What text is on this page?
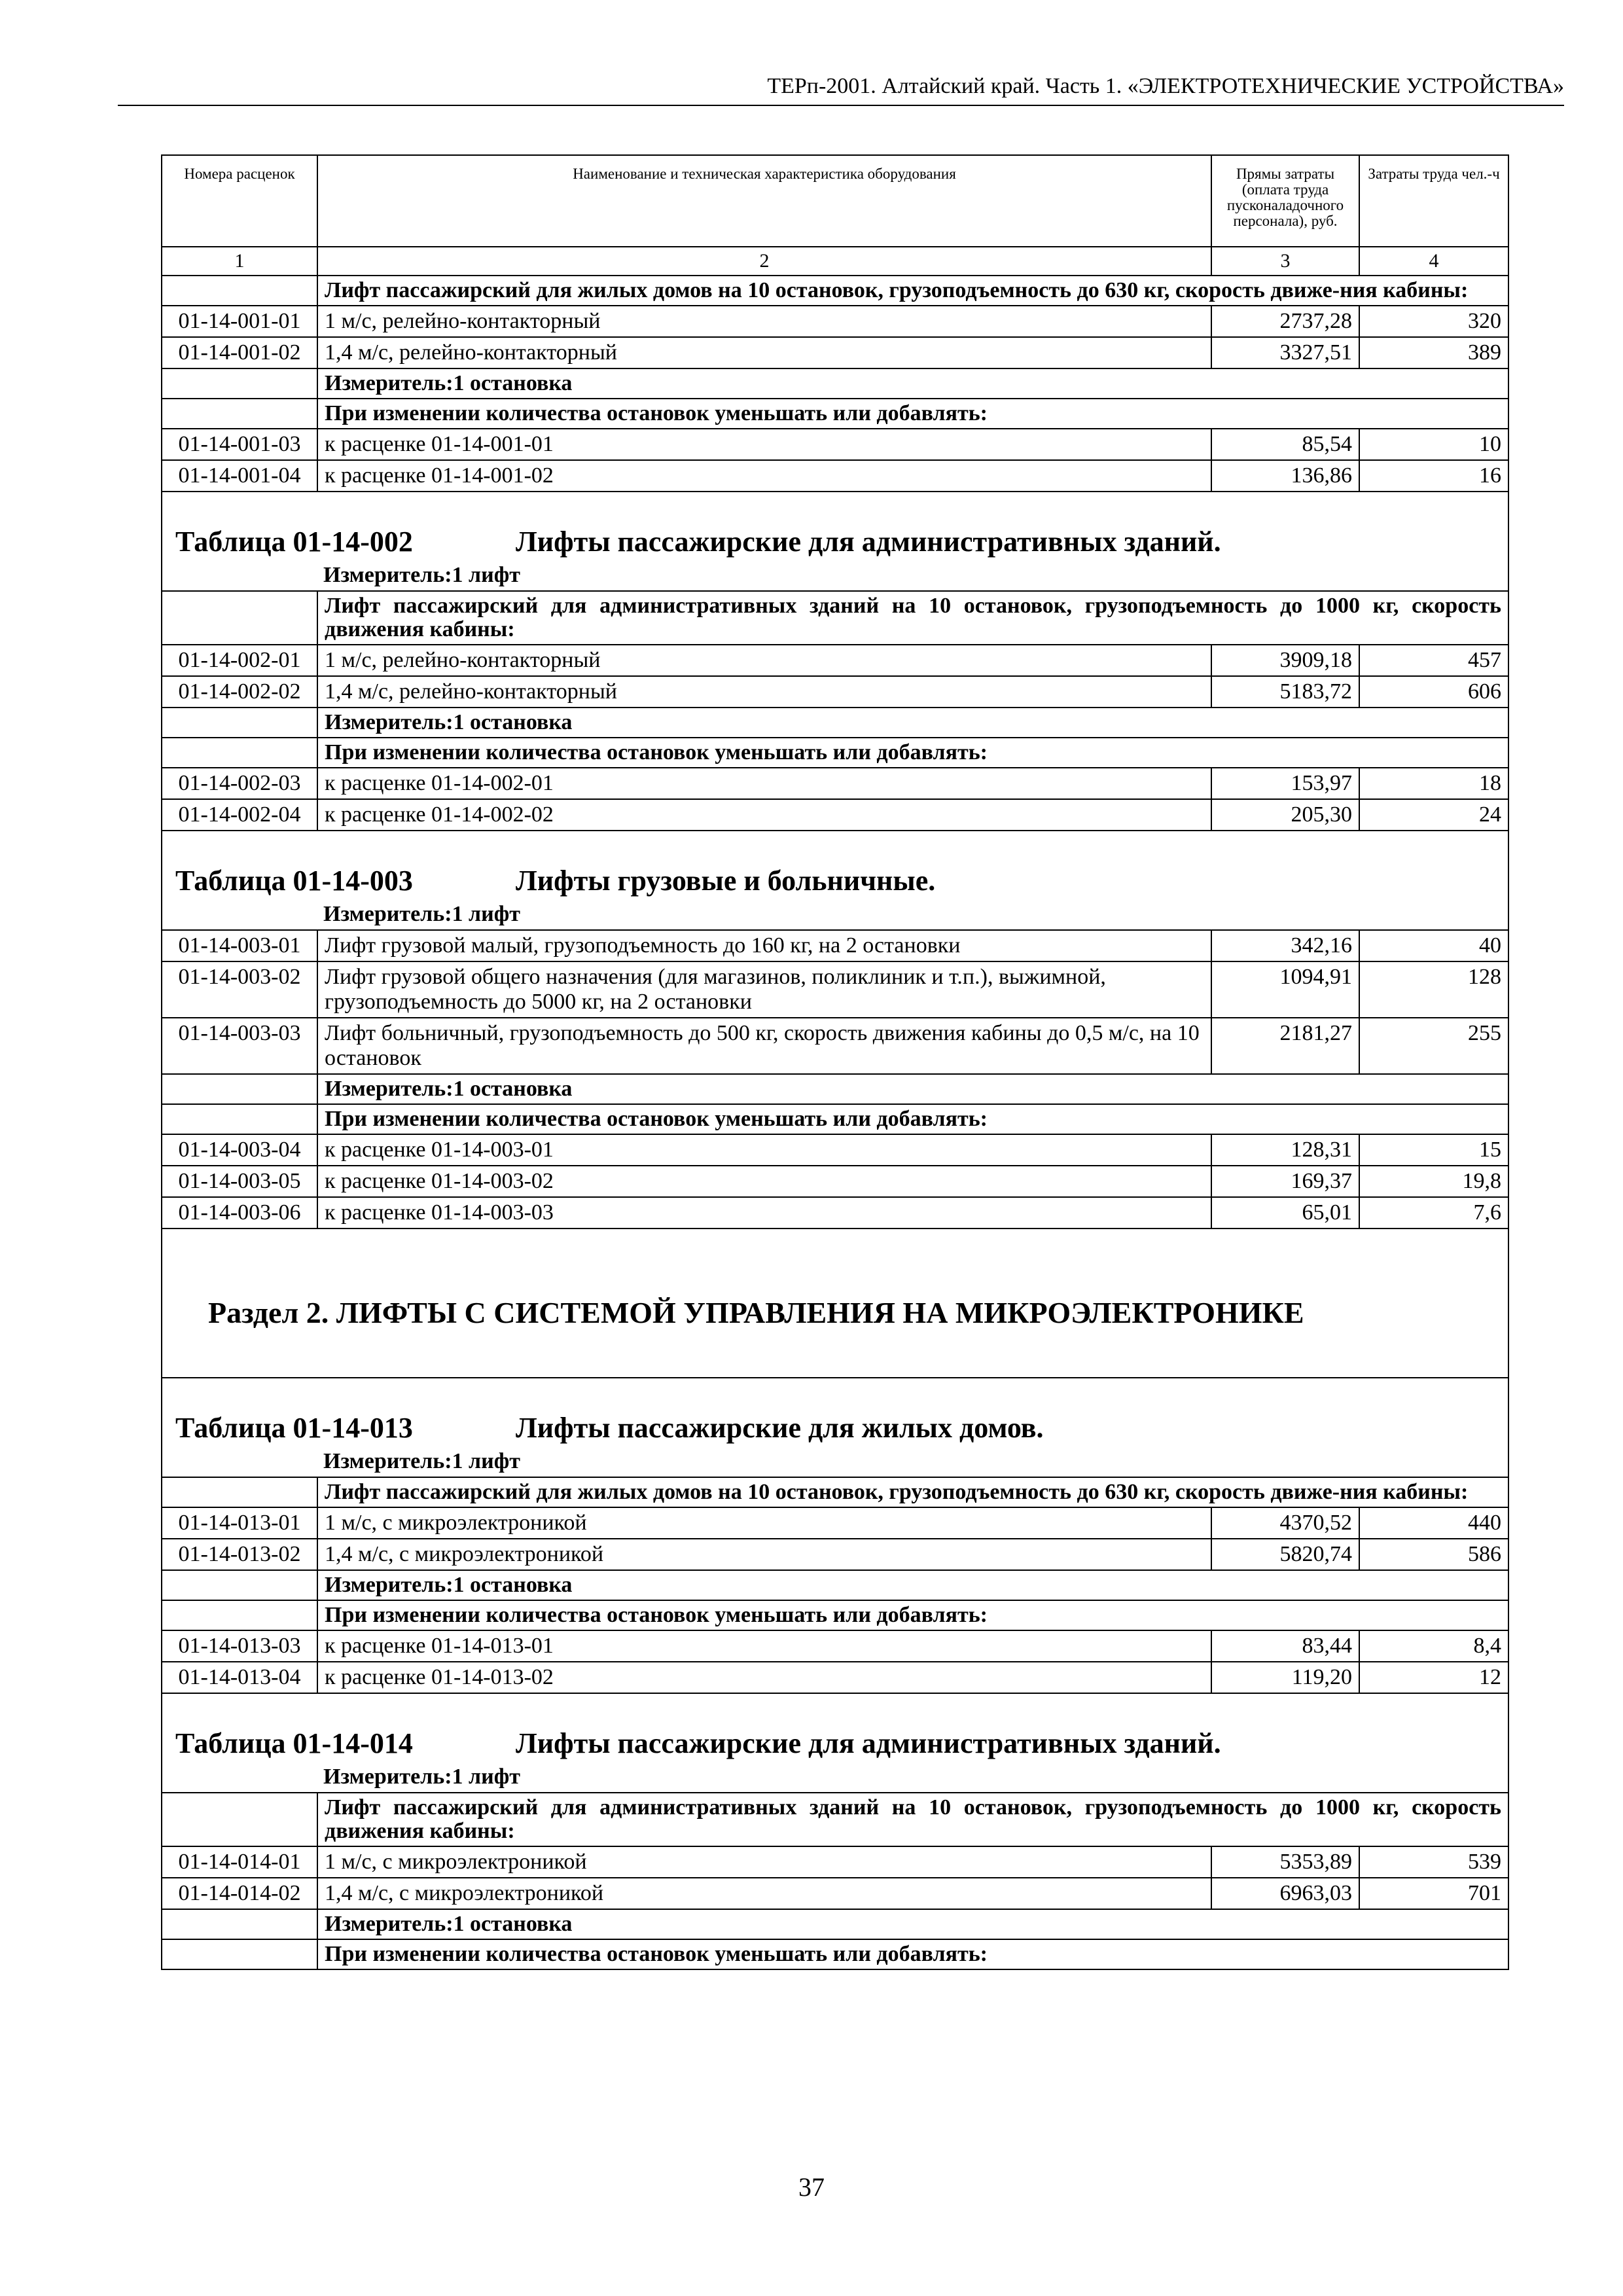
ТЕРп-2001. Алтайский край. Часть 1. «ЭЛЕКТРОТЕХНИЧЕСКИЕ УСТРОЙСТВА»
Номера расценок	Наименование и техническая характеристика оборудования	Прямы затраты (оплата труда пусконаладочного персонала), руб.	Затраты труда чел.-ч
1	2	3	4
	Лифт пассажирский для жилых домов на 10 остановок, грузоподъемность до 630 кг, скорость движе-ния кабины:		
01-14-001-01	1 м/с, релейно-контакторный	2737,28	320
01-14-001-02	1,4 м/с, релейно-контакторный	3327,51	389
	Измеритель:1 остановка		
	При изменении количества остановок уменьшать или добавлять:		
01-14-001-03	к расценке 01-14-001-01	85,54	10
01-14-001-04	к расценке 01-14-001-02	136,86	16
Таблица 01-14-002 Лифты пассажирские для административных зданий.			
Измеритель:1 лифт			
	Лифт пассажирский для административных зданий на 10 остановок, грузоподъемность до 1000 кг, скорость движения кабины:		
01-14-002-01	1 м/с, релейно-контакторный	3909,18	457
01-14-002-02	1,4 м/с, релейно-контакторный	5183,72	606
	Измеритель:1 остановка		
	При изменении количества остановок уменьшать или добавлять:		
01-14-002-03	к расценке 01-14-002-01	153,97	18
01-14-002-04	к расценке 01-14-002-02	205,30	24
Таблица 01-14-003 Лифты грузовые и больничные.			
Измеритель:1 лифт			
01-14-003-01	Лифт грузовой малый, грузоподъемность до 160 кг, на 2 остановки	342,16	40
01-14-003-02	Лифт грузовой общего назначения (для магазинов, поликлиник и т.п.), выжимной, грузоподъемность до 5000 кг, на 2 остановки	1094,91	128
01-14-003-03	Лифт больничный, грузоподъемность до 500 кг, скорость движения кабины до 0,5 м/с, на 10 остановок	2181,27	255
	Измеритель:1 остановка		
	При изменении количества остановок уменьшать или добавлять:		
01-14-003-04	к расценке 01-14-003-01	128,31	15
01-14-003-05	к расценке 01-14-003-02	169,37	19,8
01-14-003-06	к расценке 01-14-003-03	65,01	7,6
Раздел 2. ЛИФТЫ С СИСТЕМОЙ УПРАВЛЕНИЯ НА МИКРОЭЛЕКТРОНИКЕ			

Таблица 01-14-013 Лифты пассажирские для жилых домов.			
Измеритель:1 лифт			
	Лифт пассажирский для жилых домов на 10 остановок, грузоподъемность до 630 кг, скорость движе-ния кабины:		
01-14-013-01	1 м/с, с микроэлектроникой	4370,52	440
01-14-013-02	1,4 м/с, с микроэлектроникой	5820,74	586
	Измеритель:1 остановка		
	При изменении количества остановок уменьшать или добавлять:		
01-14-013-03	к расценке 01-14-013-01	83,44	8,4
01-14-013-04	к расценке 01-14-013-02	119,20	12
Таблица 01-14-014 Лифты пассажирские для административных зданий.			
Измеритель:1 лифт			
	Лифт пассажирский для административных зданий на 10 остановок, грузоподъемность до 1000 кг, скорость движения кабины:		
01-14-014-01	1 м/с, с микроэлектроникой	5353,89	539
01-14-014-02	1,4 м/с, с микроэлектроникой	6963,03	701
	Измеритель:1 остановка		
	При изменении количества остановок уменьшать или добавлять:		
37
